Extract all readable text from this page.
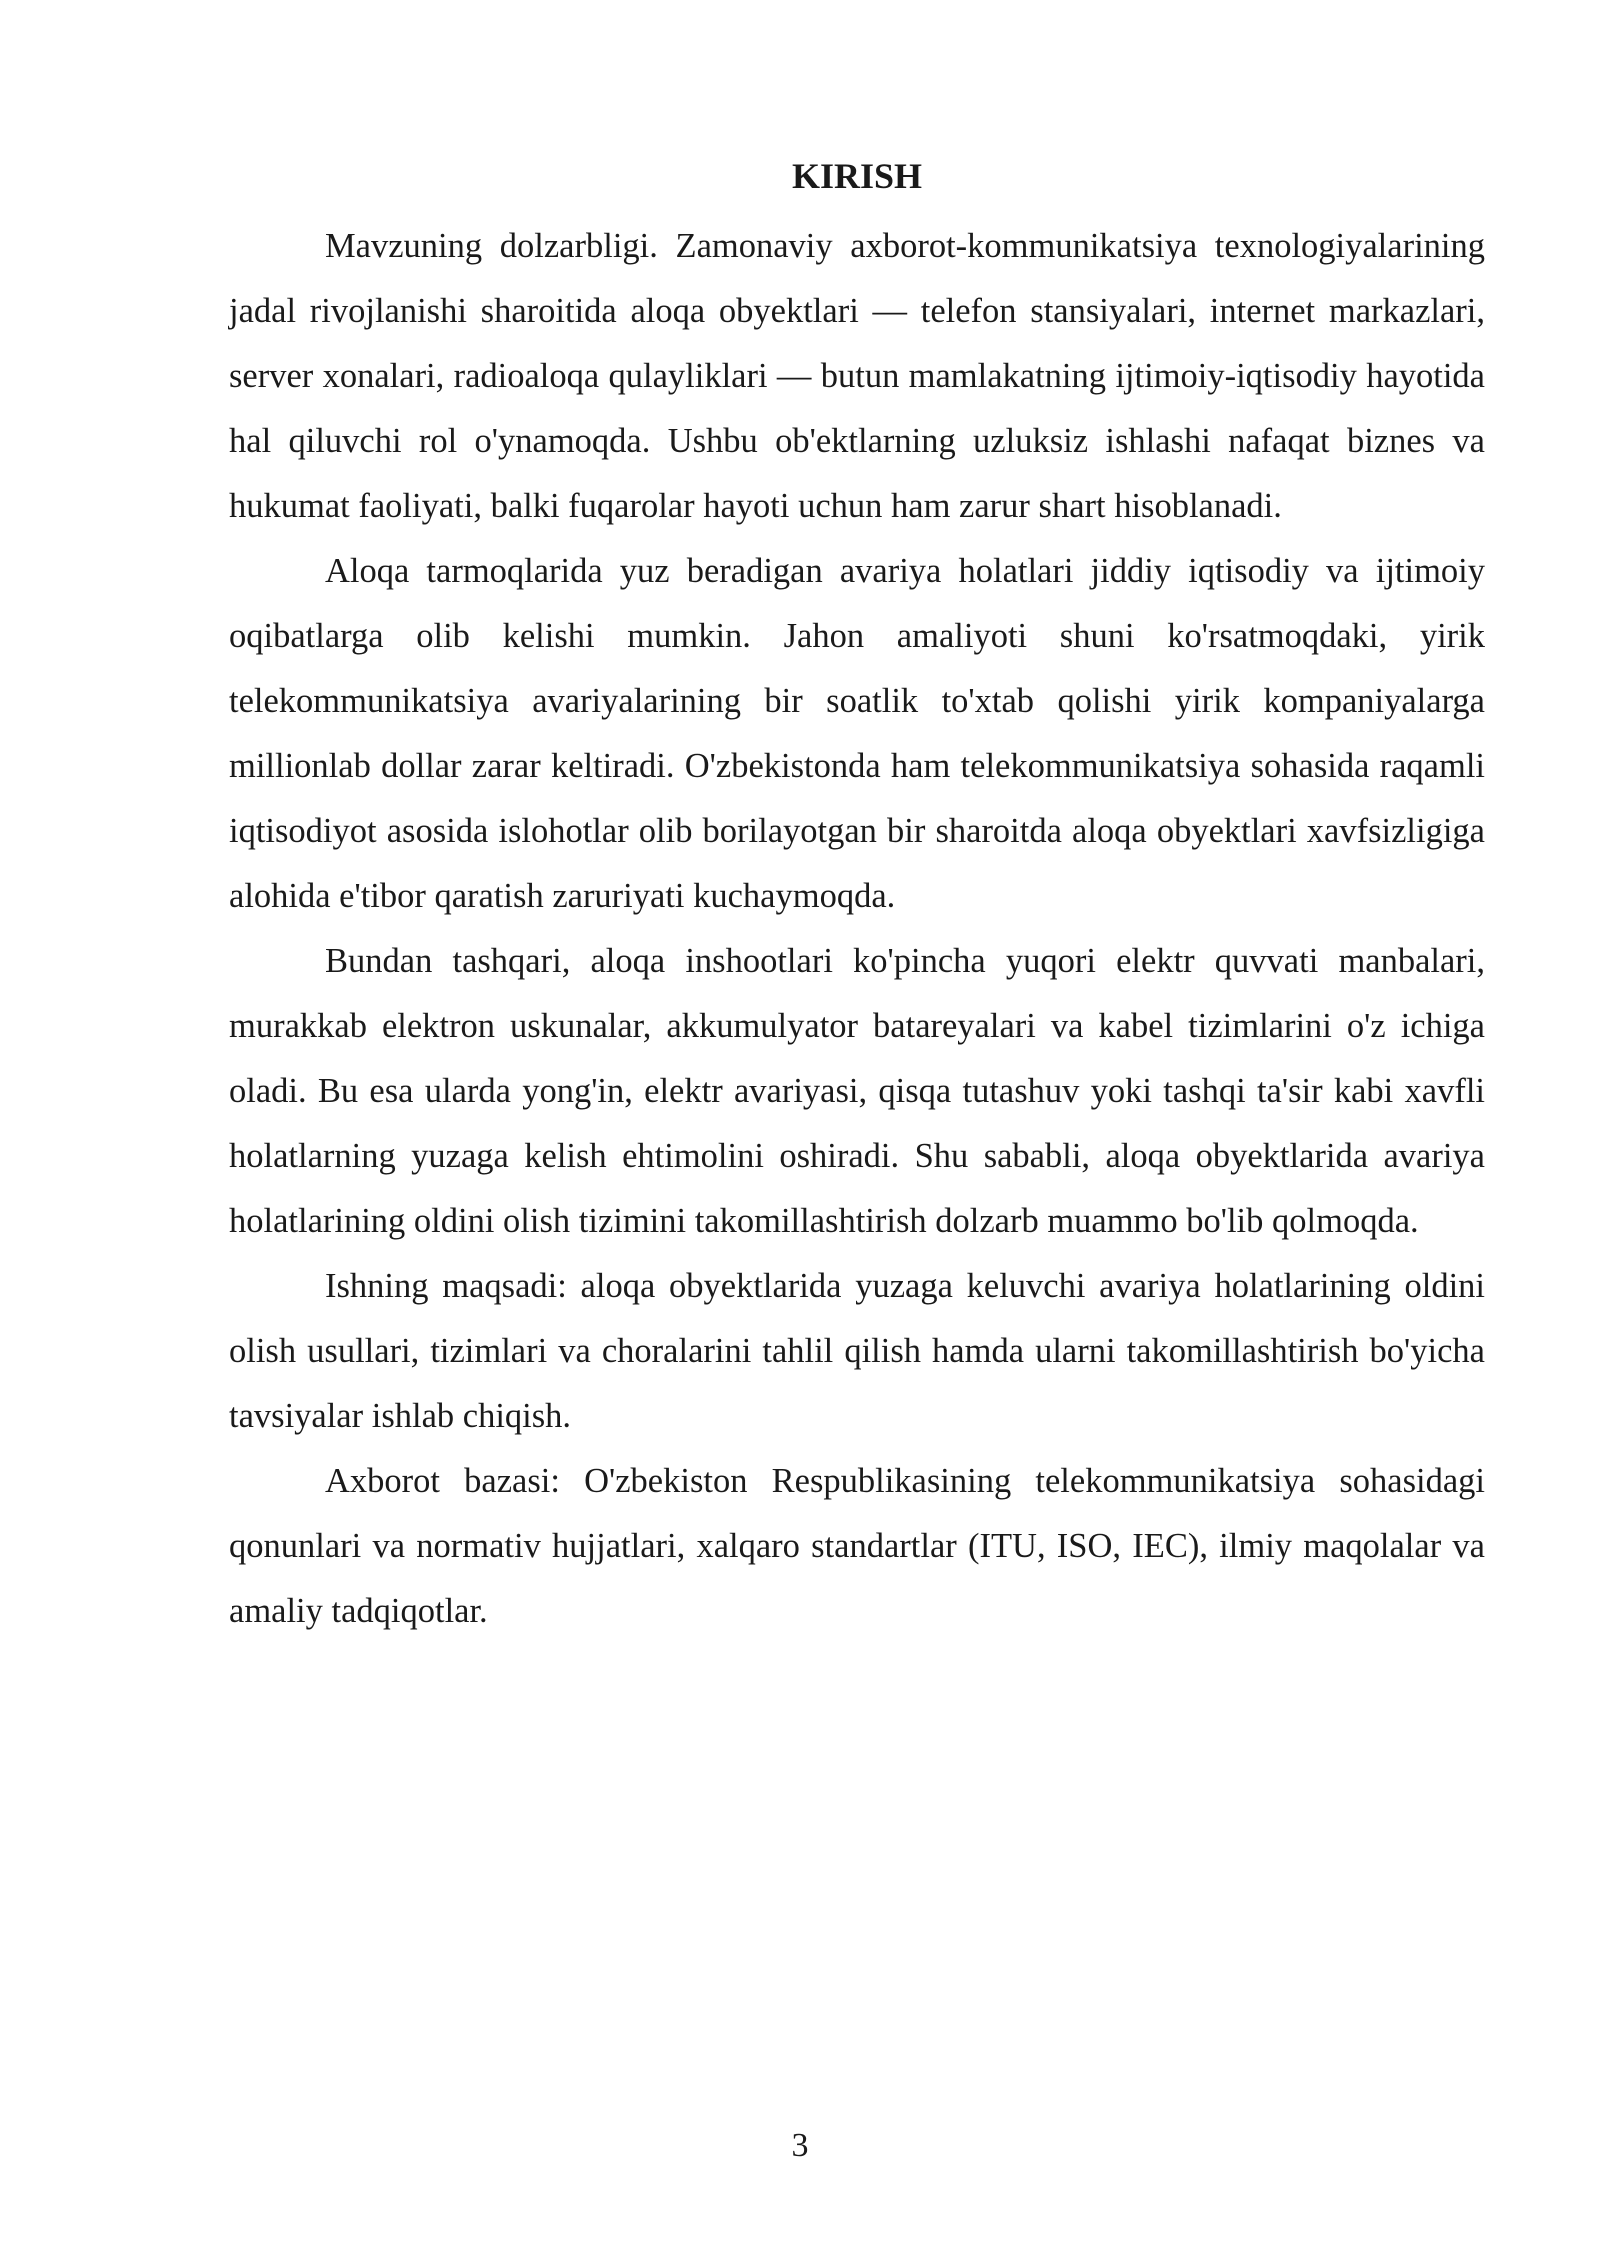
KIRISH

Mavzuning dolzarbligi. Zamonaviy axborot-kommunikatsiya texnologiyalarining jadal rivojlanishi sharoitida aloqa obyektlari — telefon stansiyalari, internet markazlari, server xonalari, radioaloqa qulayliklari — butun mamlakatning ijtimoiy-iqtisodiy hayotida hal qiluvchi rol o'ynamoqda. Ushbu ob'ektlarning uzluksiz ishlashi nafaqat biznes va hukumat faoliyati, balki fuqarolar hayoti uchun ham zarur shart hisoblanadi.

Aloqa tarmoqlarida yuz beradigan avariya holatlari jiddiy iqtisodiy va ijtimoiy oqibatlarga olib kelishi mumkin. Jahon amaliyoti shuni ko'rsatmoqdaki, yirik telekommunikatsiya avariyalarining bir soatlik to'xtab qolishi yirik kompaniyalarga millionlab dollar zarar keltiradi. O'zbekistonda ham telekommunikatsiya sohasida raqamli iqtisodiyot asosida islohotlar olib borilayotgan bir sharoitda aloqa obyektlari xavfsizligiga alohida e'tibor qaratish zaruriyati kuchaymoqda.

Bundan tashqari, aloqa inshootlari ko'pincha yuqori elektr quvvati manbalari, murakkab elektron uskunalar, akkumulyator batareyalari va kabel tizimlarini o'z ichiga oladi. Bu esa ularda yong'in, elektr avariyasi, qisqa tutashuv yoki tashqi ta'sir kabi xavfli holatlarning yuzaga kelish ehtimolini oshiradi. Shu sababli, aloqa obyektlarida avariya holatlarining oldini olish tizimini takomillashtirish dolzarb muammo bo'lib qolmoqda.

Ishning maqsadi: aloqa obyektlarida yuzaga keluvchi avariya holatlarining oldini olish usullari, tizimlari va choralarini tahlil qilish hamda ularni takomillashtirish bo'yicha tavsiyalar ishlab chiqish.

Axborot bazasi: O'zbekiston Respublikasining telekommunikatsiya sohasidagi qonunlari va normativ hujjatlari, xalqaro standartlar (ITU, ISO, IEC), ilmiy maqolalar va amaliy tadqiqotlar.

3
